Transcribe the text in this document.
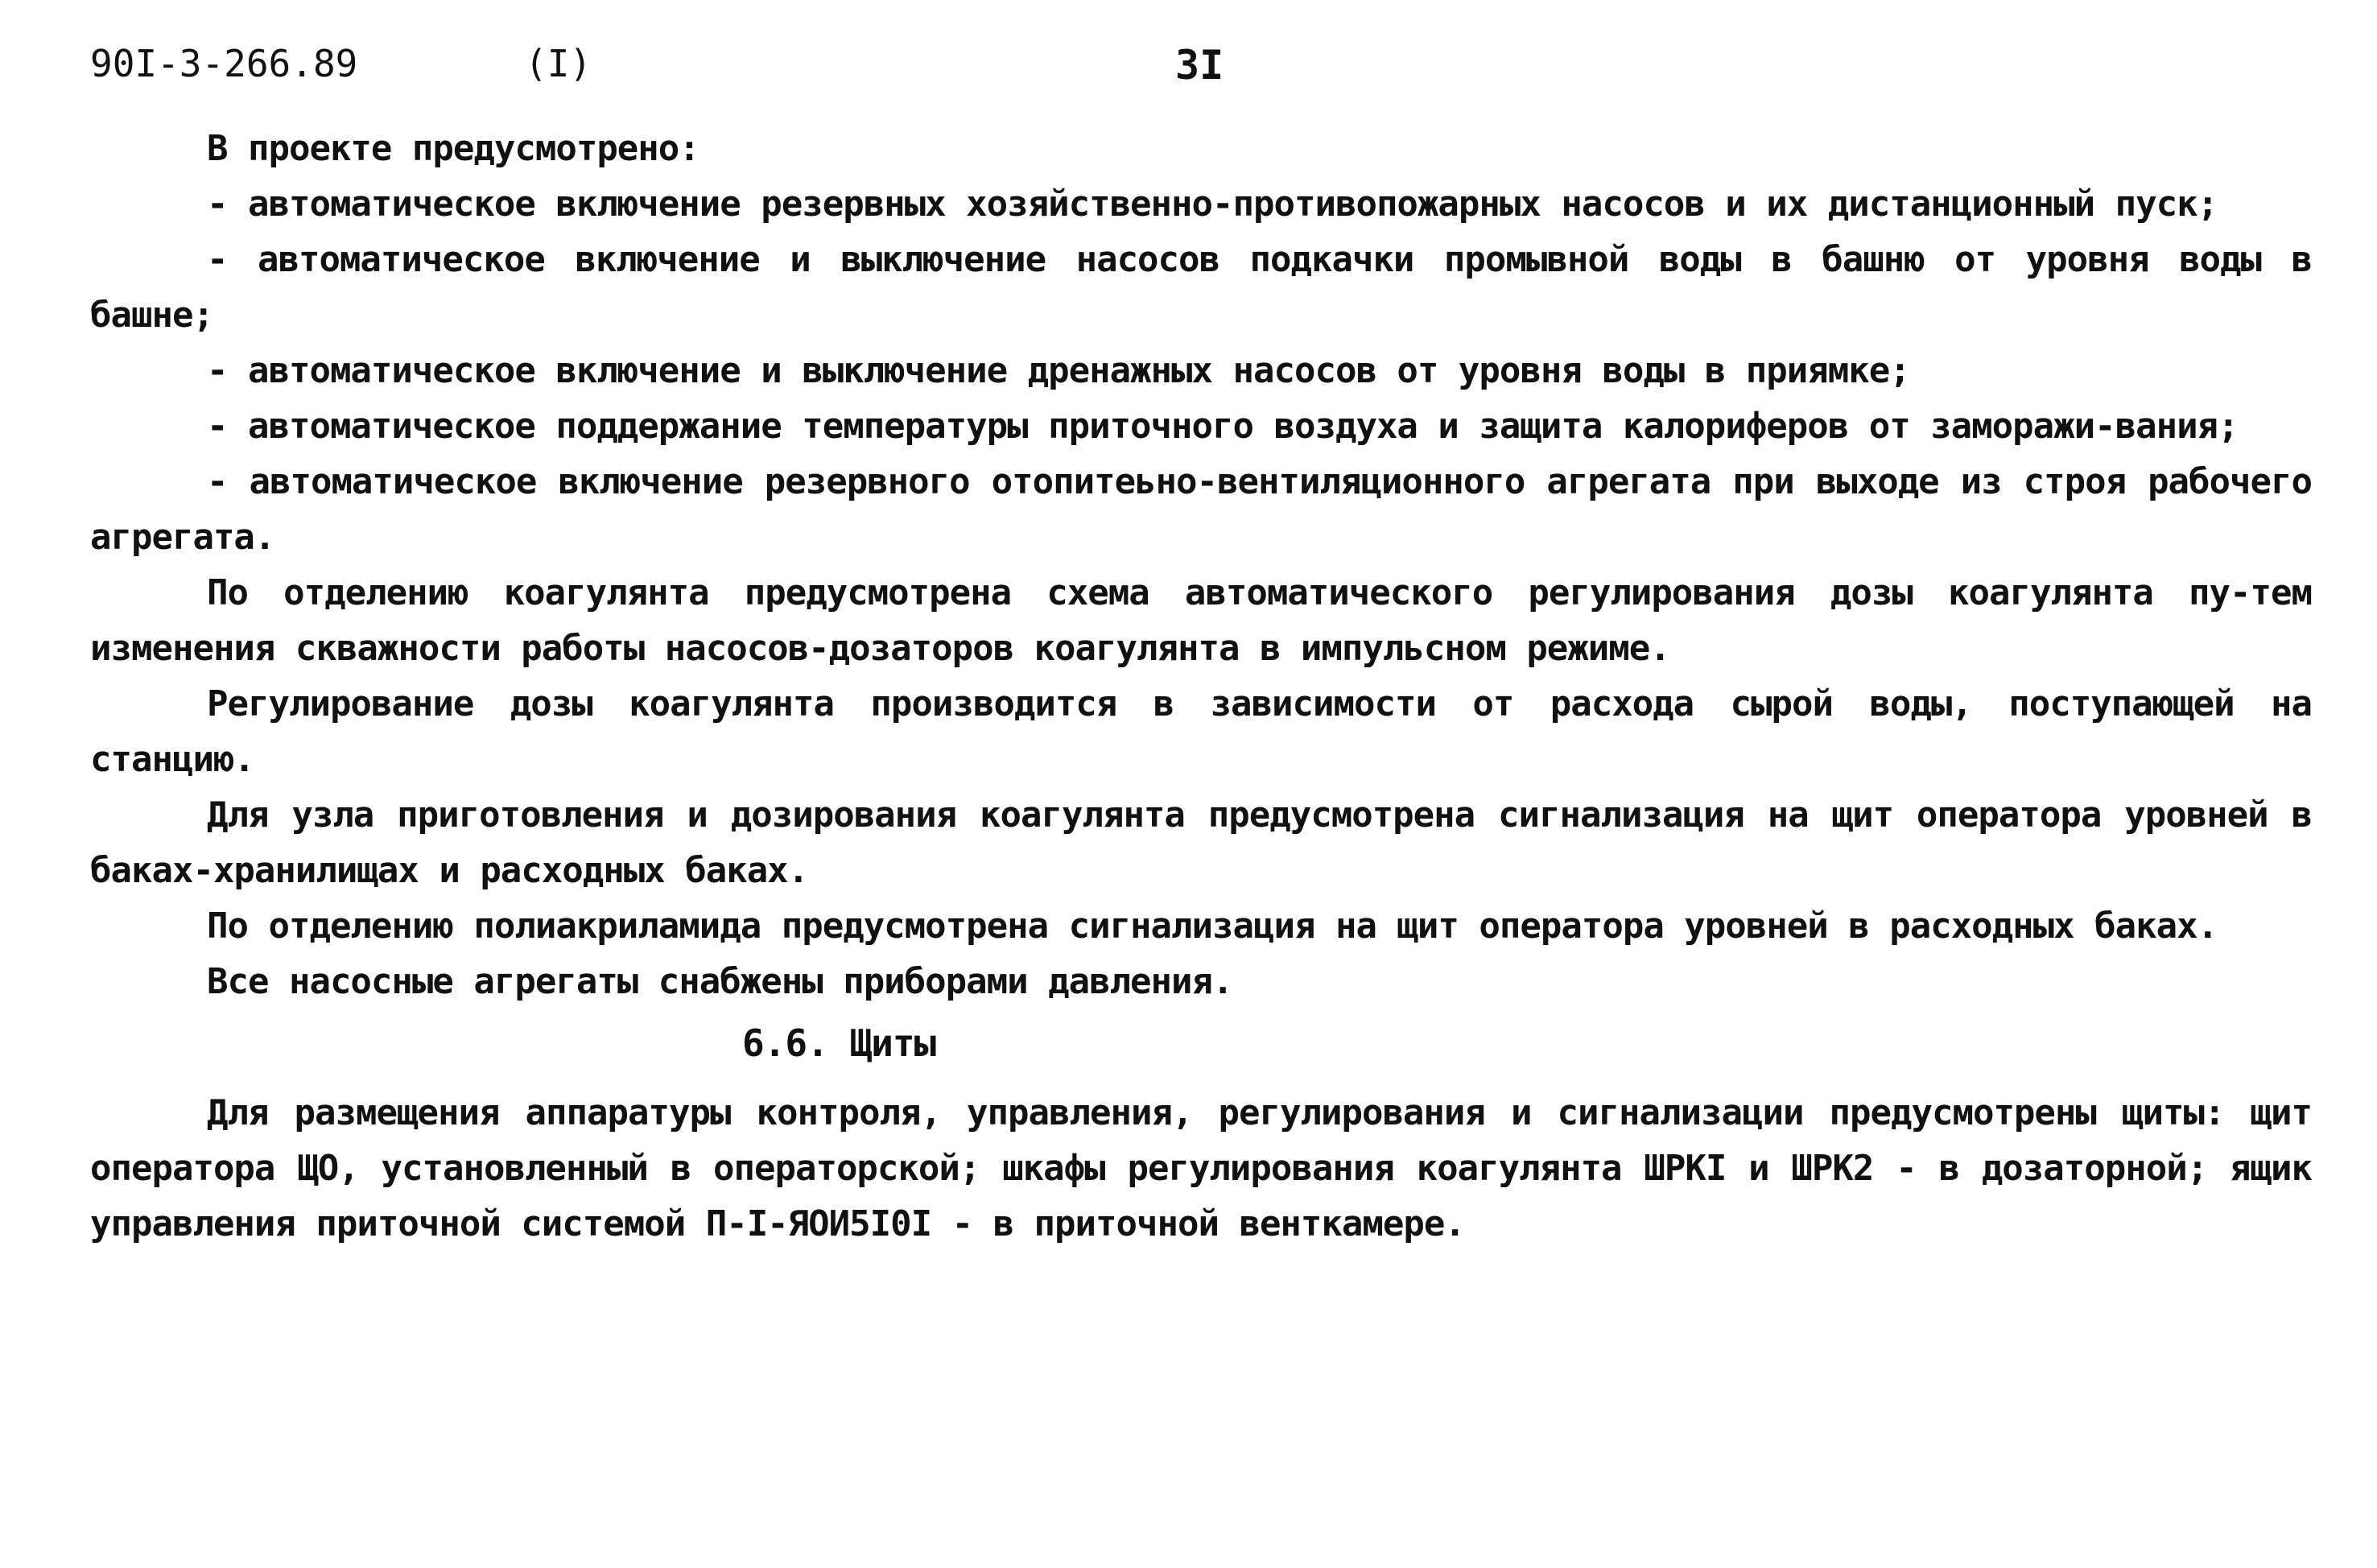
90I-3-266.89	(I)	3I

В проекте предусмотрено:

- автоматическое включение резервных хозяйственно-противопожарных насосов и их дистанционный пуск;

- автоматическое включение и выключение насосов подкачки промывной воды в башню от уровня воды в башне;

- автоматическое включение и выключение дренажных насосов от уровня воды в приямке;

- автоматическое поддержание температуры приточного воздуха и защита калориферов от заморажи-вания;

- автоматическое включение резервного отопитеьно-вентиляционного агрегата при выходе из строя рабочего агрегата.

По отделению коагулянта предусмотрена схема автоматического регулирования дозы коагулянта пу-тем изменения скважности работы насосов-дозаторов коагулянта в импульсном режиме.

Регулирование дозы коагулянта производится в зависимости от расхода сырой воды, поступающей на станцию.

Для узла приготовления и дозирования коагулянта предусмотрена сигнализация на щит оператора уровней в баках-хранилищах и расходных баках.

По отделению полиакриламида предусмотрена сигнализация на щит оператора уровней в расходных баках.

Все насосные агрегаты снабжены приборами давления.

6.6. Щиты

Для размещения аппаратуры контроля, управления, регулирования и сигнализации предусмотрены щиты: щит оператора ЩО, установленный в операторской; шкафы регулирования коагулянта ШРКI и ШРК2 - в дозаторной; ящик управления приточной системой П-I-ЯОИ5I0I - в приточной венткамере.
